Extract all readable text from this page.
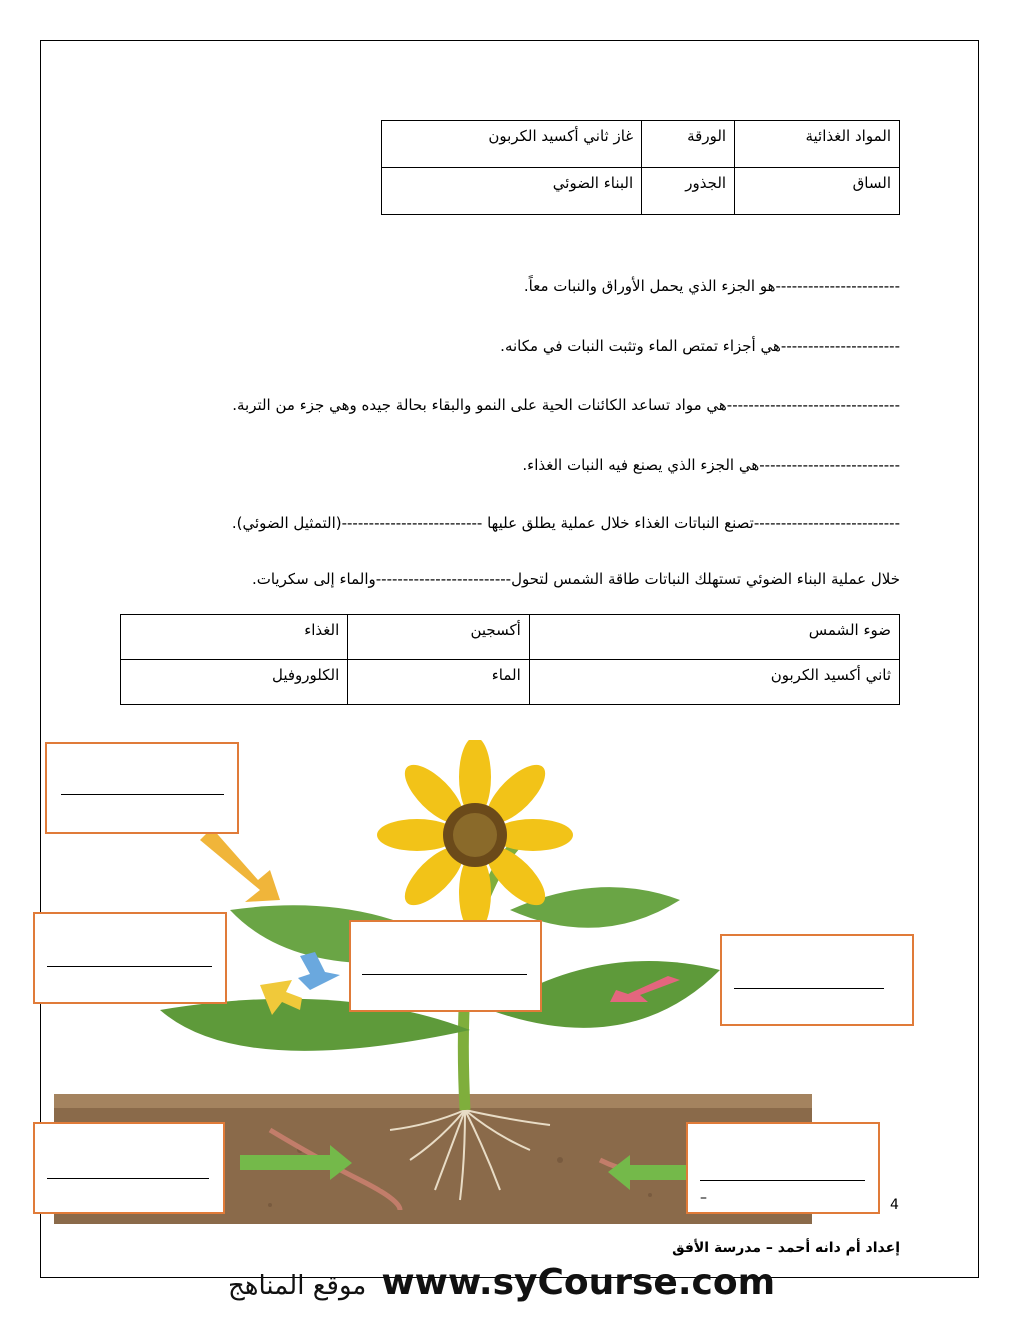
المواد الغذائية	الورقة	غاز ثاني أكسيد الكربون
الساق	الجذور	البناء الضوئي
-----------------------هو الجزء الذي يحمل الأوراق والنبات معاً.
----------------------هي أجزاء تمتص الماء وتثبت النبات في مكانه.
--------------------------------هي مواد تساعد الكائنات الحية على النمو والبقاء بحالة جيده وهي جزء من التربة.
--------------------------هي الجزء الذي يصنع فيه النبات الغذاء.
---------------------------تصنع النباتات الغذاء خلال عملية يطلق عليها --------------------------(التمثيل الضوئي).
خلال عملية البناء الضوئي تستهلك النباتات طاقة الشمس لتحول-------------------------والماء إلى سكريات.
ضوء الشمس	أكسجين	الغذاء
ثاني أكسيد الكربون	الماء	الكلوروفيل
–	4
إعداد أم دانه أحمد – مدرسة الأفق
موقع المناهج www.syCourse.com
